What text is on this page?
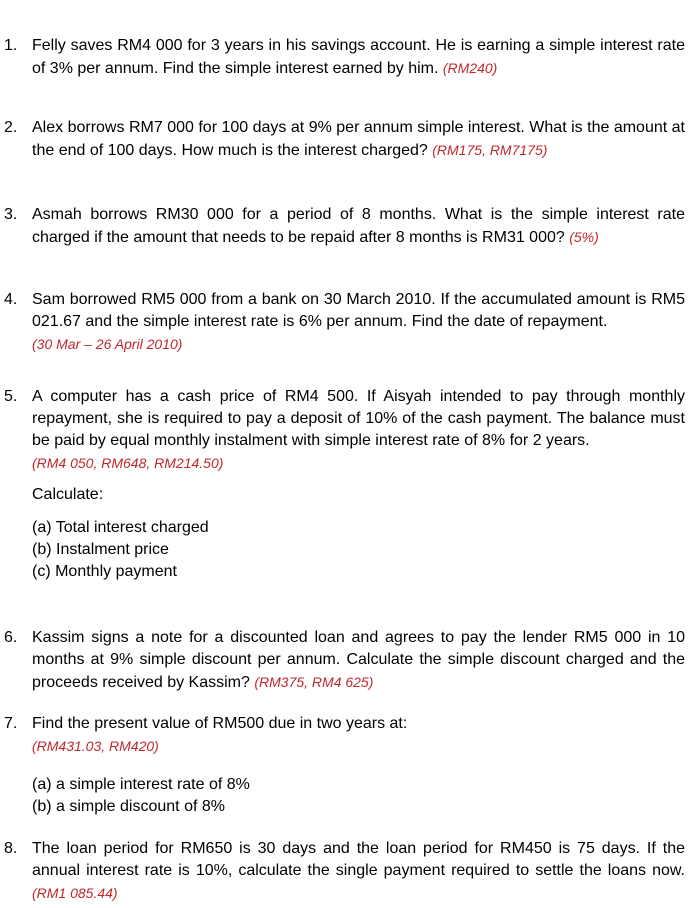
1. Felly saves RM4 000 for 3 years in his savings account. He is earning a simple interest rate of 3% per annum. Find the simple interest earned by him. (RM240)
2. Alex borrows RM7 000 for 100 days at 9% per annum simple interest. What is the amount at the end of 100 days. How much is the interest charged? (RM175, RM7175)
3. Asmah borrows RM30 000 for a period of 8 months. What is the simple interest rate charged if the amount that needs to be repaid after 8 months is RM31 000? (5%)
4. Sam borrowed RM5 000 from a bank on 30 March 2010. If the accumulated amount is RM5 021.67 and the simple interest rate is 6% per annum. Find the date of repayment.
(30 Mar – 26 April 2010)
5. A computer has a cash price of RM4 500. If Aisyah intended to pay through monthly repayment, she is required to pay a deposit of 10% of the cash payment. The balance must be paid by equal monthly instalment with simple interest rate of 8% for 2 years.
(RM4 050, RM648, RM214.50)
Calculate:
(a) Total interest charged
(b) Instalment price
(c) Monthly payment
6. Kassim signs a note for a discounted loan and agrees to pay the lender RM5 000 in 10 months at 9% simple discount per annum. Calculate the simple discount charged and the proceeds received by Kassim? (RM375, RM4 625)
7. Find the present value of RM500 due in two years at:
(RM431.03, RM420)
(a) a simple interest rate of 8%
(b) a simple discount of 8%
8. The loan period for RM650 is 30 days and the loan period for RM450 is 75 days. If the annual interest rate is 10%, calculate the single payment required to settle the loans now. (RM1 085.44)
